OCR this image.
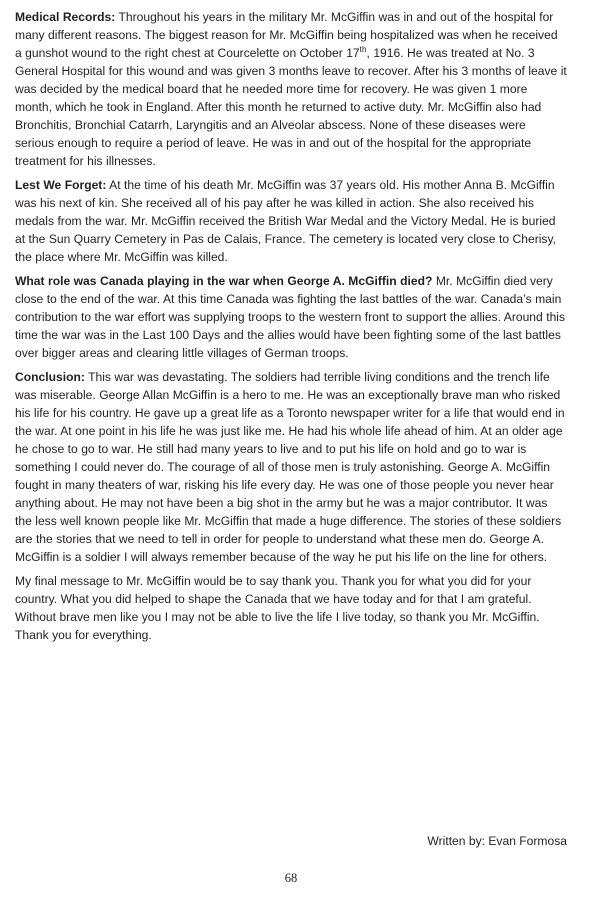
Medical Records: Throughout his years in the military Mr. McGiffin was in and out of the hospital for many different reasons. The biggest reason for Mr. McGiffin being hospitalized was when he received a gunshot wound to the right chest at Courcelette on October 17th, 1916. He was treated at No. 3 General Hospital for this wound and was given 3 months leave to recover. After his 3 months of leave it was decided by the medical board that he needed more time for recovery. He was given 1 more month, which he took in England. After this month he returned to active duty. Mr. McGiffin also had Bronchitis, Bronchial Catarrh, Laryngitis and an Alveolar abscess. None of these diseases were serious enough to require a period of leave. He was in and out of the hospital for the appropriate treatment for his illnesses.

Lest We Forget: At the time of his death Mr. McGiffin was 37 years old. His mother Anna B. McGiffin was his next of kin. She received all of his pay after he was killed in action. She also received his medals from the war. Mr. McGiffin received the British War Medal and the Victory Medal. He is buried at the Sun Quarry Cemetery in Pas de Calais, France. The cemetery is located very close to Cherisy, the place where Mr. McGiffin was killed.

What role was Canada playing in the war when George A. McGiffin died? Mr. McGiffin died very close to the end of the war. At this time Canada was fighting the last battles of the war. Canada’s main contribution to the war effort was supplying troops to the western front to support the allies. Around this time the war was in the Last 100 Days and the allies would have been fighting some of the last battles over bigger areas and clearing little villages of German troops.

Conclusion: This war was devastating. The soldiers had terrible living conditions and the trench life was miserable. George Allan McGiffin is a hero to me. He was an exceptionally brave man who risked his life for his country. He gave up a great life as a Toronto newspaper writer for a life that would end in the war. At one point in his life he was just like me. He had his whole life ahead of him. At an older age he chose to go to war. He still had many years to live and to put his life on hold and go to war is something I could never do. The courage of all of those men is truly astonishing. George A. McGiffin fought in many theaters of war, risking his life every day. He was one of those people you never hear anything about. He may not have been a big shot in the army but he was a major contributor. It was the less well known people like Mr. McGiffin that made a huge difference. The stories of these soldiers are the stories that we need to tell in order for people to understand what these men do. George A. McGiffin is a soldier I will always remember because of the way he put his life on the line for others.

My final message to Mr. McGiffin would be to say thank you. Thank you for what you did for your country. What you did helped to shape the Canada that we have today and for that I am grateful. Without brave men like you I may not be able to live the life I live today, so thank you Mr. McGiffin. Thank you for everything.

Written by: Evan Formosa
68
